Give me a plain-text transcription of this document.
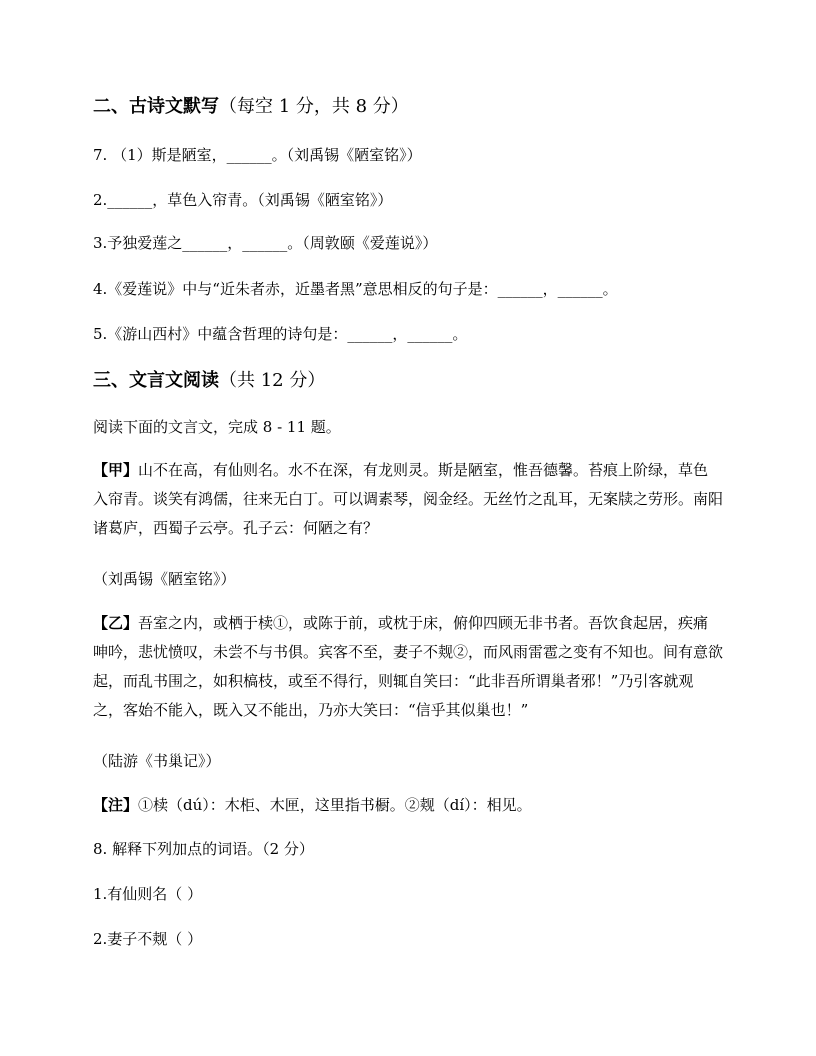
二、古诗文默写（每空 1 分，共 8 分）
7. （1）斯是陋室，______。（刘禹锡《陋室铭》）
2.______，草色入帘青。（刘禹锡《陋室铭》）
3.予独爱莲之______，______。（周敦颐《爱莲说》）
4.《爱莲说》中与“近朱者赤，近墨者黑”意思相反的句子是：______，______。
5.《游山西村》中蕴含哲理的诗句是：______，______。
三、文言文阅读（共 12 分）
阅读下面的文言文，完成 8 - 11 题。
【甲】山不在高，有仙则名。水不在深，有龙则灵。斯是陋室，惟吾德馨。苔痕上阶绿，草色入帘青。谈笑有鸿儒，往来无白丁。可以调素琴，阅金经。无丝竹之乱耳，无案牍之劳形。南阳诸葛庐，西蜀子云亭。孔子云：何陋之有？
（刘禹锡《陋室铭》）
【乙】吾室之内，或栖于椟①，或陈于前，或枕于床，俯仰四顾无非书者。吾饮食起居，疾痛呻吟，悲忧愤叹，未尝不与书俱。宾客不至，妻子不觌②，而风雨雷雹之变有不知也。间有意欲起，而乱书围之，如积槁枝，或至不得行，则辄自笑曰：“此非吾所谓巢者邪！”乃引客就观之，客始不能入，既入又不能出，乃亦大笑曰：“信乎其似巢也！”
（陆游《书巢记》）
【注】①椟（dú）：木柜、木匣，这里指书橱。②觌（dí）：相见。
8. 解释下列加点的词语。（2 分）
1.有仙则名（ ）
2.妻子不觌（ ）
